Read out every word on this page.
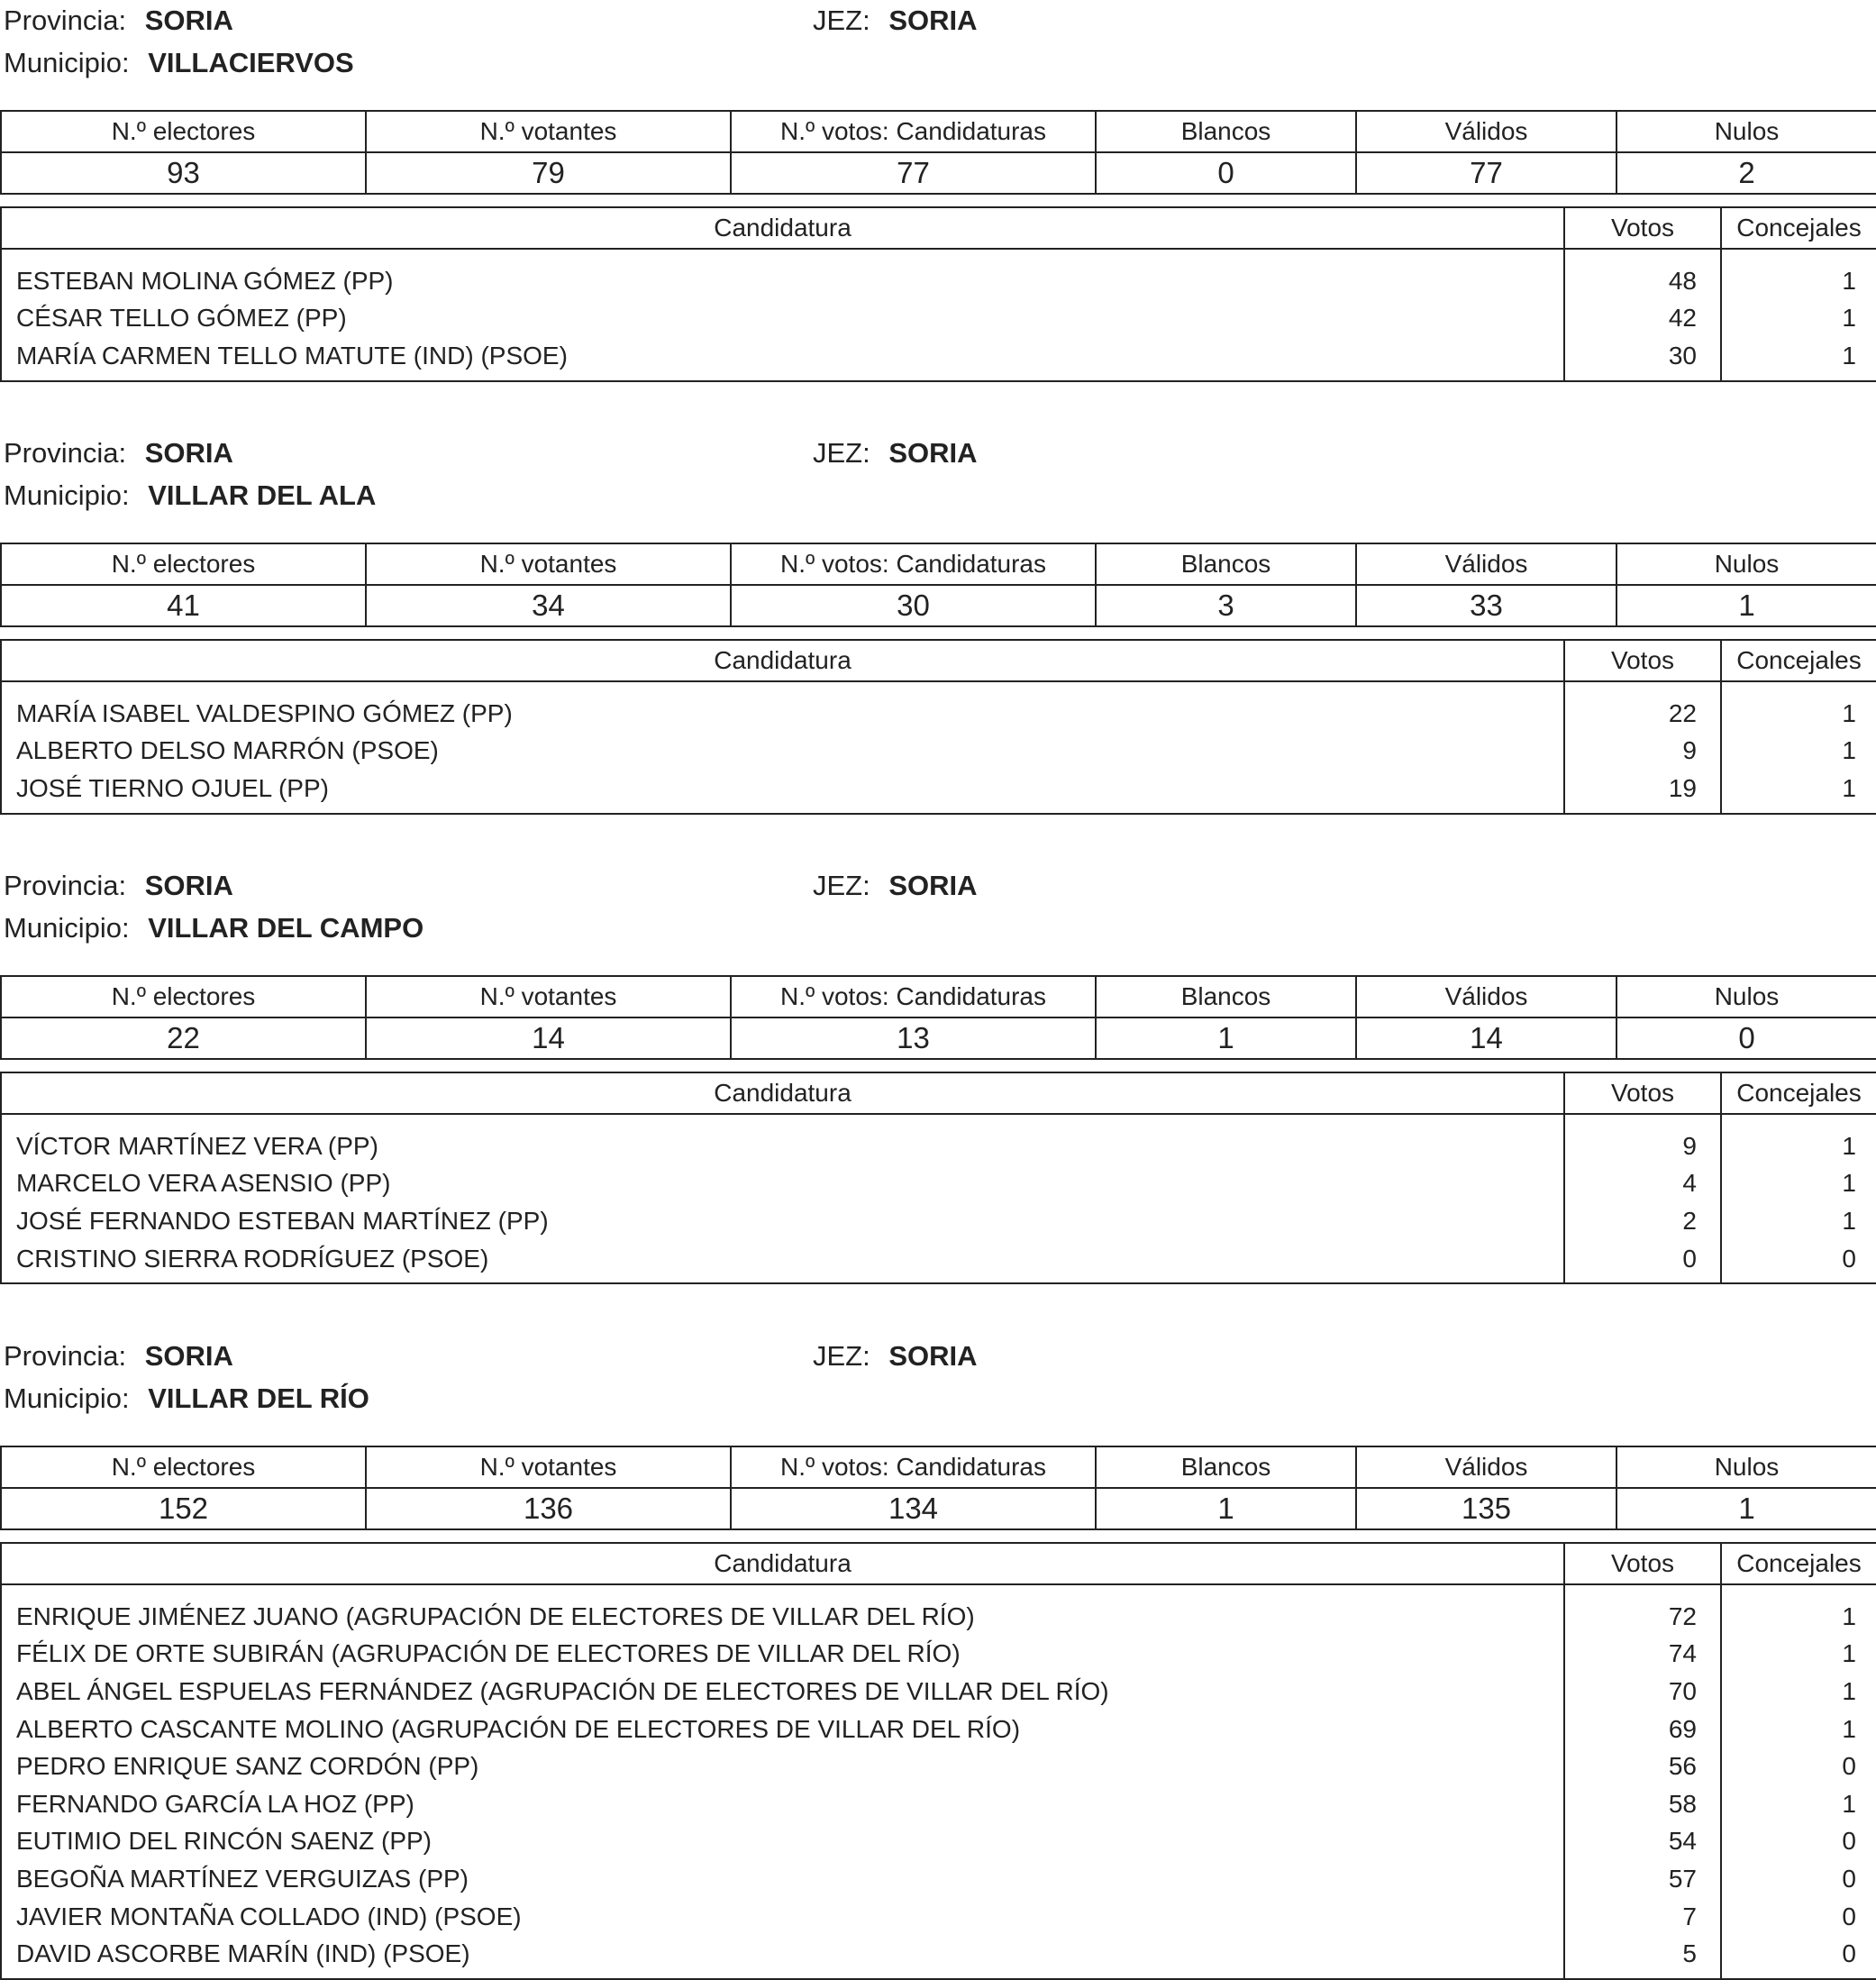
Provincia: SORIA	JEZ: SORIA
Municipio: VILLACIERVOS
N.º electores	N.º votantes	N.º votos: Candidaturas	Blancos	Válidos	Nulos
93	79	77	0	77	2
Candidatura	Votos	Concejales
ESTEBAN MOLINA GÓMEZ (PP)	48	1
CÉSAR TELLO GÓMEZ (PP)	42	1
MARÍA CARMEN TELLO MATUTE (IND) (PSOE)	30	1
Provincia: SORIA	JEZ: SORIA
Municipio: VILLAR DEL ALA
N.º electores	N.º votantes	N.º votos: Candidaturas	Blancos	Válidos	Nulos
41	34	30	3	33	1
Candidatura	Votos	Concejales
MARÍA ISABEL VALDESPINO GÓMEZ (PP)	22	1
ALBERTO DELSO MARRÓN (PSOE)	9	1
JOSÉ TIERNO OJUEL (PP)	19	1
Provincia: SORIA	JEZ: SORIA
Municipio: VILLAR DEL CAMPO
N.º electores	N.º votantes	N.º votos: Candidaturas	Blancos	Válidos	Nulos
22	14	13	1	14	0
Candidatura	Votos	Concejales
VÍCTOR MARTÍNEZ VERA (PP)	9	1
MARCELO VERA ASENSIO (PP)	4	1
JOSÉ FERNANDO ESTEBAN MARTÍNEZ (PP)	2	1
CRISTINO SIERRA RODRÍGUEZ (PSOE)	0	0
Provincia: SORIA	JEZ: SORIA
Municipio: VILLAR DEL RÍO
N.º electores	N.º votantes	N.º votos: Candidaturas	Blancos	Válidos	Nulos
152	136	134	1	135	1
Candidatura	Votos	Concejales
ENRIQUE JIMÉNEZ JUANO (AGRUPACIÓN DE ELECTORES DE VILLAR DEL RÍO)	72	1
FÉLIX DE ORTE SUBIRÁN (AGRUPACIÓN DE ELECTORES DE VILLAR DEL RÍO)	74	1
ABEL ÁNGEL ESPUELAS FERNÁNDEZ (AGRUPACIÓN DE ELECTORES DE VILLAR DEL RÍO)	70	1
ALBERTO CASCANTE MOLINO (AGRUPACIÓN DE ELECTORES DE VILLAR DEL RÍO)	69	1
PEDRO ENRIQUE SANZ CORDÓN (PP)	56	0
FERNANDO GARCÍA LA HOZ (PP)	58	1
EUTIMIO DEL RINCÓN SAENZ (PP)	54	0
BEGOÑA MARTÍNEZ VERGUIZAS (PP)	57	0
JAVIER MONTAÑA COLLADO (IND) (PSOE)	7	0
DAVID ASCORBE MARÍN (IND) (PSOE)	5	0
